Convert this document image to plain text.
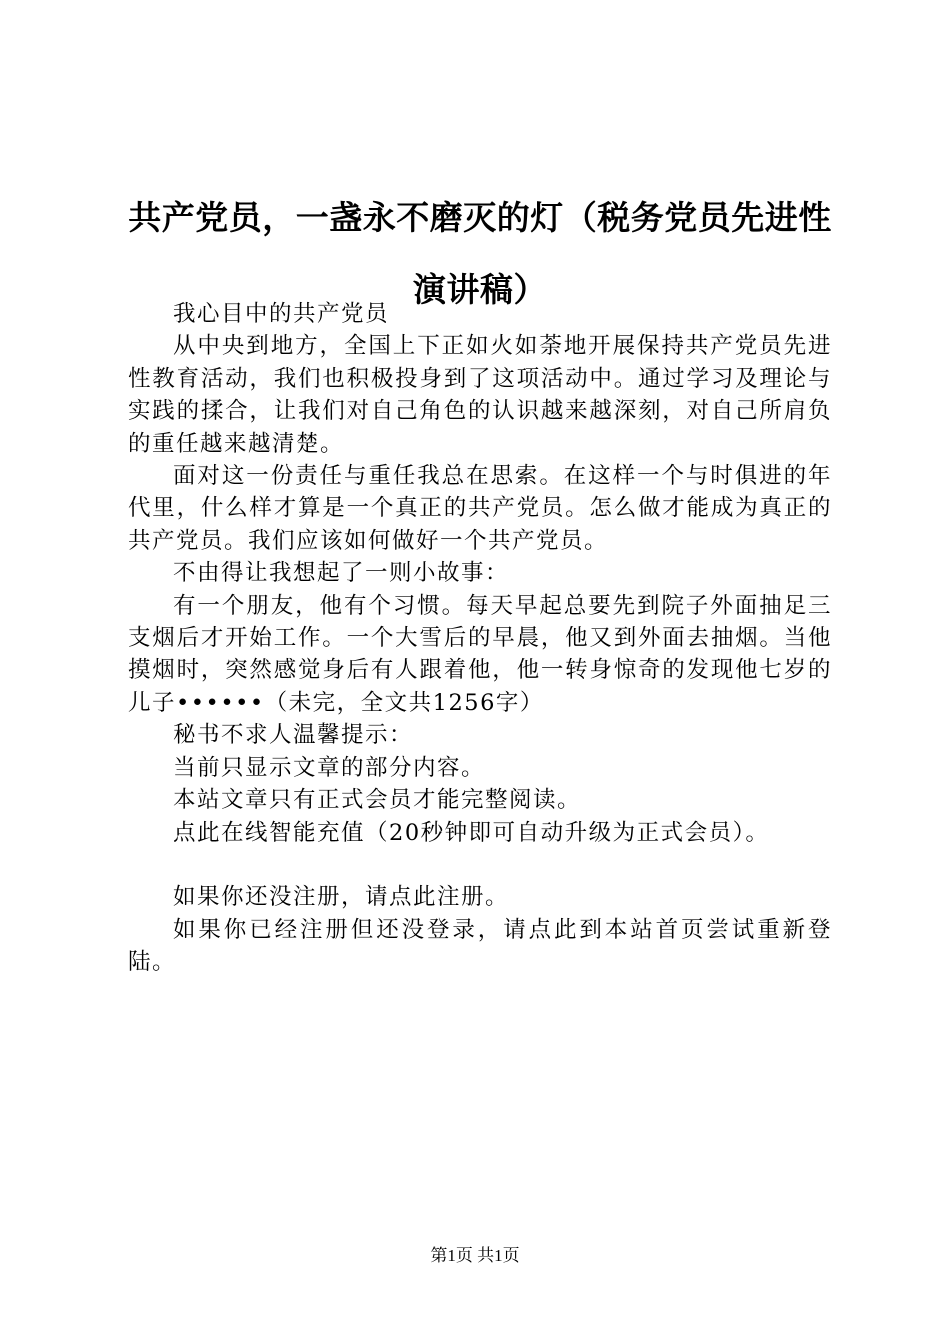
共产党员，一盏永不磨灭的灯（税务党员先进性演讲稿）

我心目中的共产党员

从中央到地方，全国上下正如火如荼地开展保持共产党员先进性教育活动，我们也积极投身到了这项活动中。通过学习及理论与实践的揉合，让我们对自己角色的认识越来越深刻，对自己所肩负的重任越来越清楚。

面对这一份责任与重任我总在思索。在这样一个与时俱进的年代里，什么样才算是一个真正的共产党员。怎么做才能成为真正的共产党员。我们应该如何做好一个共产党员。

不由得让我想起了一则小故事：

有一个朋友，他有个习惯。每天早起总要先到院子外面抽足三支烟后才开始工作。一个大雪后的早晨，他又到外面去抽烟。当他摸烟时，突然感觉身后有人跟着他，他一转身惊奇的发现他七岁的儿子••••••（未完，全文共1256字）

秘书不求人温馨提示：

当前只显示文章的部分内容。

本站文章只有正式会员才能完整阅读。

点此在线智能充值（20秒钟即可自动升级为正式会员）。

如果你还没注册，请点此注册。

如果你已经注册但还没登录，请点此到本站首页尝试重新登陆。

第1页 共1页
